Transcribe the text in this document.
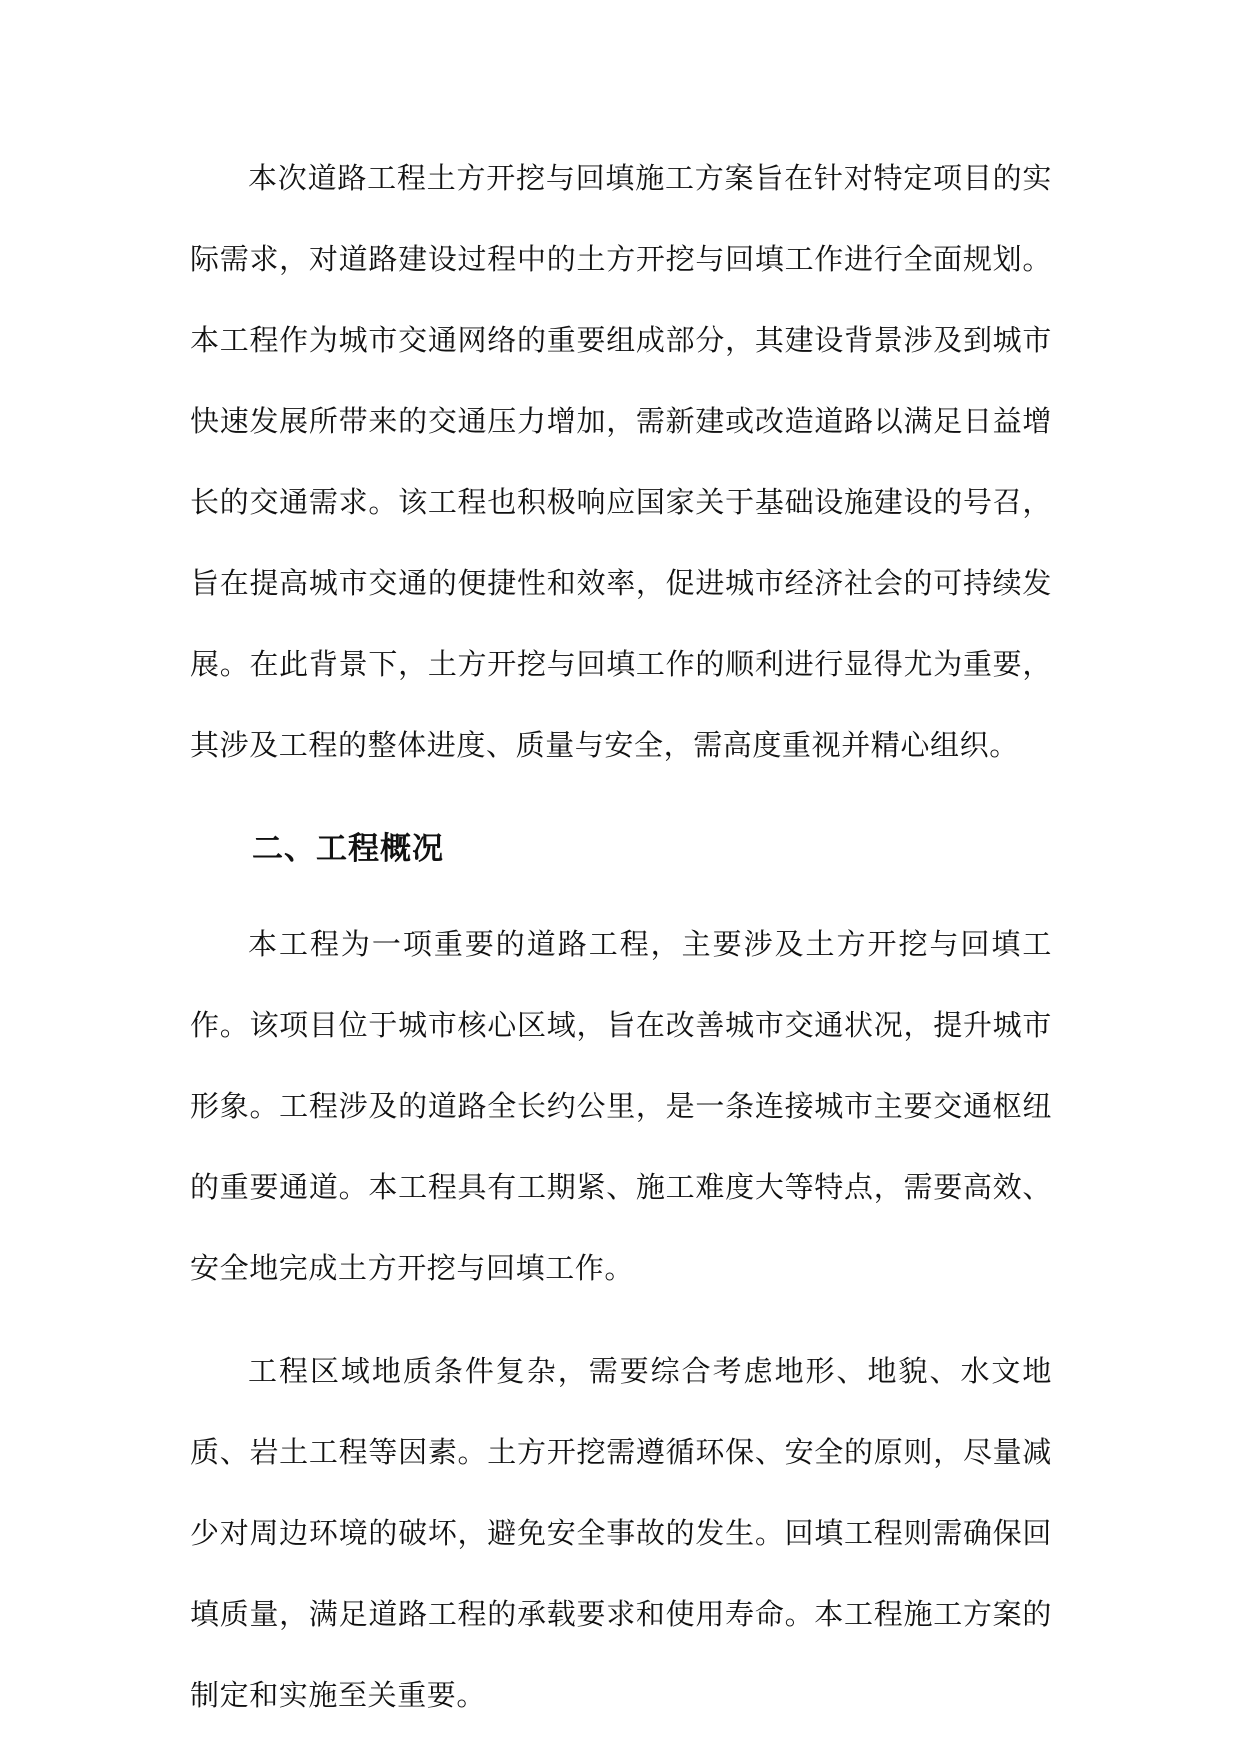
本次道路工程土方开挖与回填施工方案旨在针对特定项目的实际需求，对道路建设过程中的土方开挖与回填工作进行全面规划。本工程作为城市交通网络的重要组成部分，其建设背景涉及到城市快速发展所带来的交通压力增加，需新建或改造道路以满足日益增长的交通需求。该工程也积极响应国家关于基础设施建设的号召，旨在提高城市交通的便捷性和效率，促进城市经济社会的可持续发展。在此背景下，土方开挖与回填工作的顺利进行显得尤为重要，其涉及工程的整体进度、质量与安全，需高度重视并精心组织。

二、工程概况

本工程为一项重要的道路工程，主要涉及土方开挖与回填工作。该项目位于城市核心区域，旨在改善城市交通状况，提升城市形象。工程涉及的道路全长约公里，是一条连接城市主要交通枢纽的重要通道。本工程具有工期紧、施工难度大等特点，需要高效、安全地完成土方开挖与回填工作。

工程区域地质条件复杂，需要综合考虑地形、地貌、水文地质、岩土工程等因素。土方开挖需遵循环保、安全的原则，尽量减少对周边环境的破坏，避免安全事故的发生。回填工程则需确保回填质量，满足道路工程的承载要求和使用寿命。本工程施工方案的制定和实施至关重要。
